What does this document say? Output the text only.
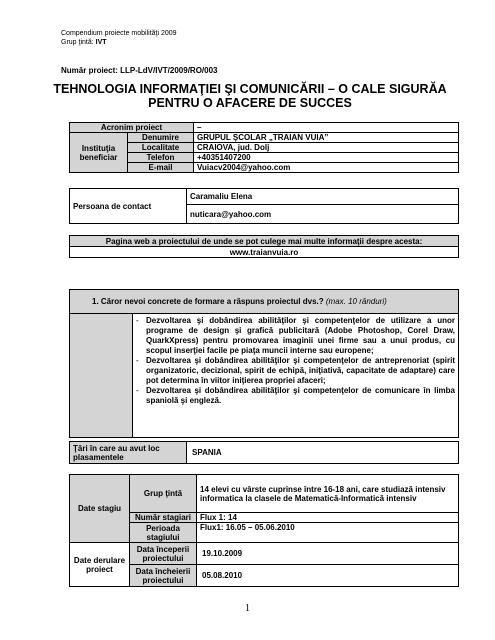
Compendium proiecte mobilităţi 2009
Grup ţintă: IVT
Număr proiect: LLP-LdV/IVT/2009/RO/003
TEHNOLOGIA INFORMAŢIEI ŞI COMUNICĂRII – O CALE SIGURĂA
PENTRU O AFACERE DE SUCCES
Acronim proiect		–
Instituţia beneficiar	Denumire	GRUPUL ŞCOLAR „TRAIAN VUIA”
	Localitate	CRAIOVA, jud. Dolj
	Telefon	+40351407200
	E-mail	Vuiacv2004@yahoo.com
Persoana de contact	Caramaliu Elena
nuticara@yahoo.com
Pagina web a proiectului de unde se pot culege mai multe informaţii despre acesta:
www.traianvuia.ro
1. Căror nevoi concrete de formare a răspuns proiectul dvs.? (max. 10 rânduri)

- Dezvoltarea şi dobândirea abilităţilor şi competenţelor de utilizare a unor programe de design şi grafică publicitară (Adobe Photoshop, Corel Draw, QuarkXpress) pentru promovarea imaginii unei firme sau a unui produs, cu scopul inserţiei facile pe piaţa muncii interne sau europene;
- Dezvoltarea şi dobândirea abilităţilor şi competenţelor de antreprenoriat (spirit organizatoric, decizional, spirit de echipă, iniţiativă, capacitate de adaptare) care pot determina în viitor iniţierea propriei afaceri;
- Dezvoltarea şi dobândirea abilităţilor şi competenţelor de comunicare în limba spaniolă şi engleză.
Ţări în care au avut loc plasamentele	SPANIA
Date stagiu	Grup ţintă	14 elevi cu vârste cuprinse între 16-18 ani, care studiază intensiv informatica la clasele de Matematică-Informatică intensiv
	Număr stagiari	Flux 1: 14
	Perioada stagiului	Flux1: 16.05 – 05.06.2010
Date derulare proiect	Data începerii proiectului	19.10.2009
	Data încheierii proiectului	05.08.2010
1
